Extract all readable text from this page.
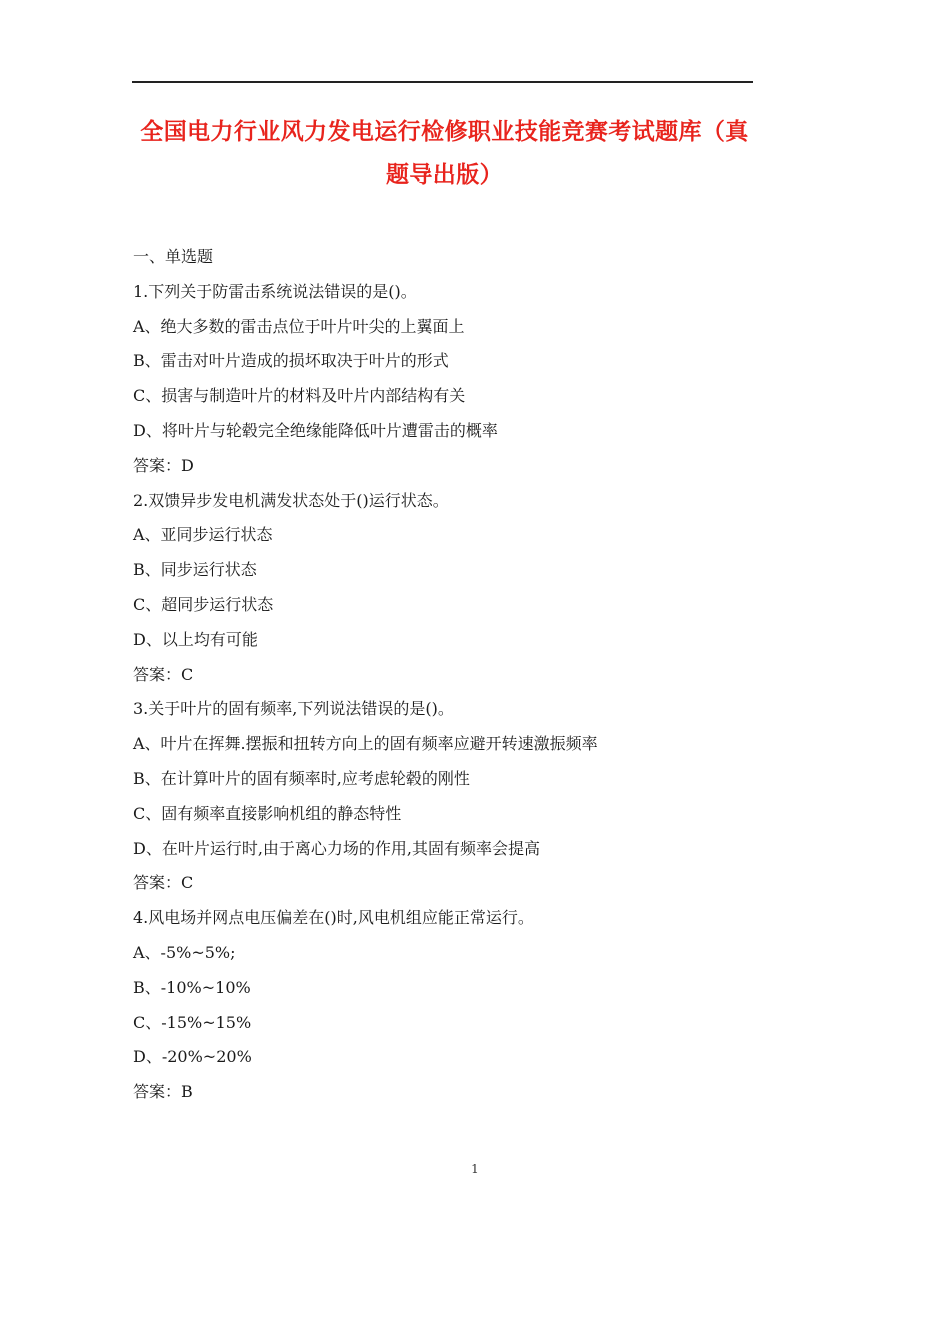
全国电力行业风力发电运行检修职业技能竞赛考试题库（真
题导出版）
一、单选题
1.下列关于防雷击系统说法错误的是()。
A、绝大多数的雷击点位于叶片叶尖的上翼面上
B、雷击对叶片造成的损坏取决于叶片的形式
C、损害与制造叶片的材料及叶片内部结构有关
D、将叶片与轮毂完全绝缘能降低叶片遭雷击的概率
答案：D
2.双馈异步发电机满发状态处于()运行状态。
A、亚同步运行状态
B、同步运行状态
C、超同步运行状态
D、以上均有可能
答案：C
3.关于叶片的固有频率,下列说法错误的是()。
A、叶片在挥舞.摆振和扭转方向上的固有频率应避开转速激振频率
B、在计算叶片的固有频率时,应考虑轮毂的刚性
C、固有频率直接影响机组的静态特性
D、在叶片运行时,由于离心力场的作用,其固有频率会提高
答案：C
4.风电场并网点电压偏差在()时,风电机组应能正常运行。
A、-5%~5%;
B、-10%~10%
C、-15%~15%
D、-20%~20%
答案：B
1
